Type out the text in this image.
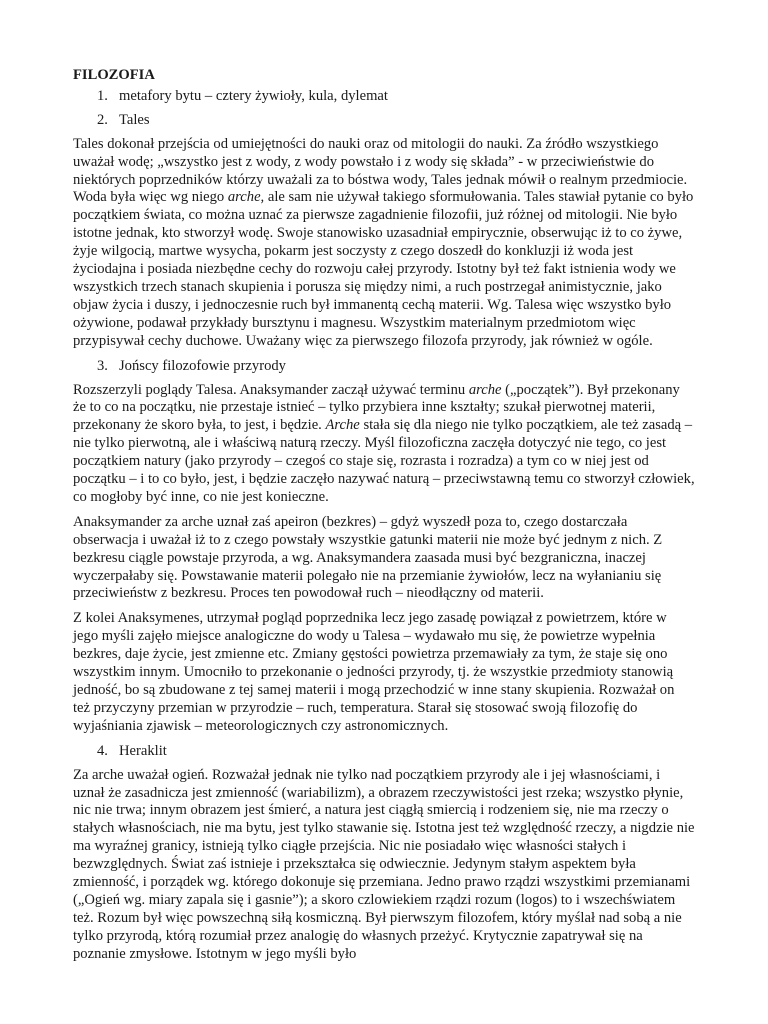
FILOZOFIA
1. metafory bytu – cztery żywioły, kula, dylemat
2. Tales

Tales dokonał przejścia od umiejętności do nauki oraz od mitologii do nauki. Za źródło wszystkiego uważał wodę; „wszystko jest z wody, z wody powstało i z wody się składa” - w przeciwieństwie do niektórych poprzedników którzy uważali za to bóstwa wody, Tales jednak mówił o realnym przedmiocie. Woda była więc wg niego arche, ale sam nie używał takiego sformułowania. Tales stawiał pytanie co było początkiem świata, co można uznać za pierwsze zagadnienie filozofii, już różnej od mitologii. Nie było istotne jednak, kto stworzył wodę. Swoje stanowisko uzasadniał empirycznie, obserwując iż to co żywe, żyje wilgocią, martwe wysycha, pokarm jest soczysty z czego doszedł do konkluzji iż woda jest życiodajna i posiada niezbędne cechy do rozwoju całej przyrody. Istotny był też fakt istnienia wody we wszystkich trzech stanach skupienia i porusza się między nimi, a ruch postrzegał animistycznie, jako objaw życia i duszy, i jednoczesnie ruch był immanentą cechą materii. Wg. Talesa więc wszystko było ożywione, podawał przykłady bursztynu i magnesu. Wszystkim materialnym przedmiotom więc przypisywał cechy duchowe. Uważany więc za pierwszego filozofa przyrody, jak również w ogóle.

3. Jońscy filozofowie przyrody

Rozszerzyli poglądy Talesa. Anaksymander zaczął używać terminu arche („początek”). Był przekonany że to co na początku, nie przestaje istnieć – tylko przybiera inne kształty; szukał pierwotnej materii, przekonany że skoro była, to jest, i będzie. Arche stała się dla niego nie tylko początkiem, ale też zasadą – nie tylko pierwotną, ale i właściwą naturą rzeczy. Myśl filozoficzna zaczęła dotyczyć nie tego, co jest początkiem natury (jako przyrody – czegoś co staje się, rozrasta i rozradza) a tym co w niej jest od początku – i to co było, jest, i będzie zaczęło nazywać naturą – przeciwstawną temu co stworzył człowiek, co mogłoby być inne, co nie jest konieczne.

Anaksymander za arche uznał zaś apeiron (bezkres) – gdyż wyszedł poza to, czego dostarczała obserwacja i uważał iż to z czego powstały wszystkie gatunki materii nie może być jednym z nich. Z bezkresu ciągle powstaje przyroda, a wg. Anaksymandera zaasada musi być bezgraniczna, inaczej wyczerpałaby się. Powstawanie materii polegało nie na przemianie żywiołów, lecz na wyłanianiu się przeciwieństw z bezkresu. Proces ten powodował ruch – nieodłączny od materii.

Z kolei Anaksymenes, utrzymał pogląd poprzednika lecz jego zasadę powiązał z powietrzem, które w jego myśli zajęło miejsce analogiczne do wody u Talesa – wydawało mu się, że powietrze wypełnia bezkres, daje życie, jest zmienne etc. Zmiany gęstości powietrza przemawiały za tym, że staje się ono wszystkim innym. Umocniło to przekonanie o jedności przyrody, tj. że wszystkie przedmioty stanowią jedność, bo są zbudowane z tej samej materii i mogą przechodzić w inne stany skupienia. Rozważał on też przyczyny przemian w przyrodzie – ruch, temperatura. Starał się stosować swoją filozofię do wyjaśniania zjawisk – meteorologicznych czy astronomicznych.

4. Heraklit

Za arche uważał ogień. Rozważał jednak nie tylko nad początkiem przyrody ale i jej własnościami, i uznał że zasadnicza jest zmienność (wariabilizm), a obrazem rzeczywistości jest rzeka; wszystko płynie, nic nie trwa; innym obrazem jest śmierć, a natura jest ciągłą smiercią i rodzeniem się, nie ma rzeczy o stałych własnościach, nie ma bytu, jest tylko stawanie się. Istotna jest też względność rzeczy, a nigdzie nie ma wyraźnej granicy, istnieją tylko ciągłe przejścia. Nic nie posiadało więc własności stałych i bezwzględnych. Świat zaś istnieje i przekształca się odwiecznie. Jedynym stałym aspektem była zmienność, i porządek wg. którego dokonuje się przemiana. Jedno prawo rządzi wszystkimi przemianami („Ogień wg. miary zapala się i gasnie”); a skoro czlowiekiem rządzi rozum (logos) to i wszechświatem też. Rozum był więc powszechną siłą kosmiczną. Był pierwszym filozofem, który myślał nad sobą a nie tylko przyrodą, którą rozumiał przez analogię do własnych przeżyć. Krytycznie zapatrywał się na poznanie zmysłowe. Istotnym w jego myśli było
